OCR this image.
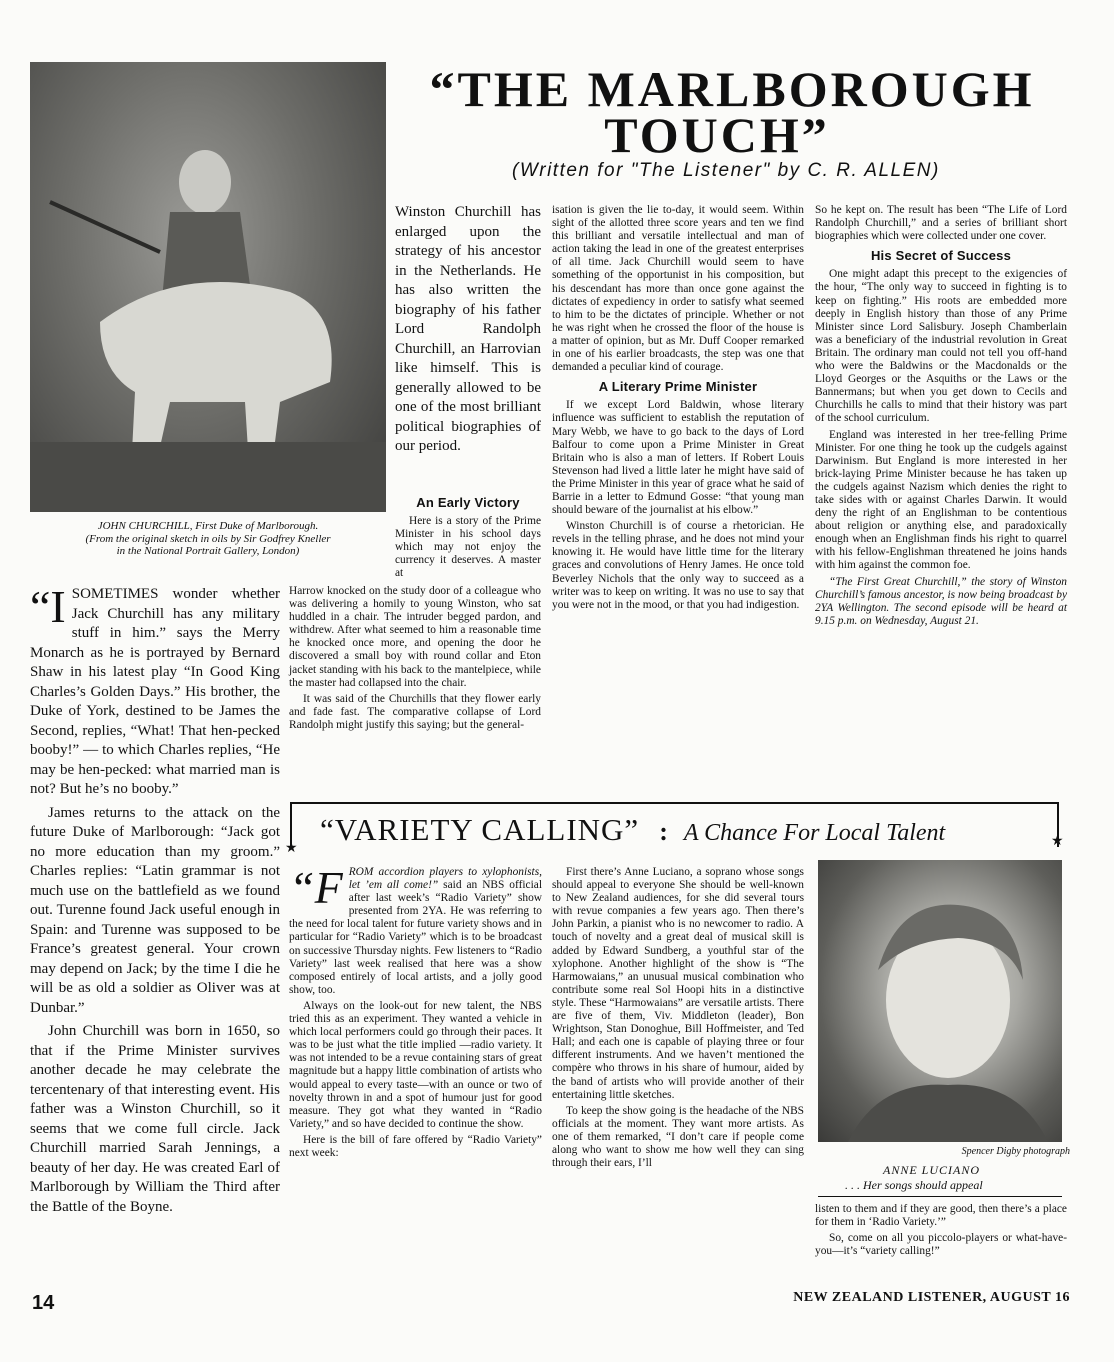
JOHN CHURCHILL, First Duke of Marlborough.
(From the original sketch in oils by Sir Godfrey Kneller
in the National Portrait Gallery, London)
“THE MARLBOROUGH
TOUCH”
(Written for "The Listener" by C. R. ALLEN)

Winston Churchill has enlarged upon the strategy of his ancestor in the Netherlands. He has also written the biography of his father Lord Randolph Churchill, an Harrovian like himself. This is generally allowed to be one of the most brilliant political biographies of our period.

An Early Victory

Here is a story of the Prime Minister in his school days which may not enjoy the currency it deserves. A master at

“I SOMETIMES wonder whether Jack Churchill has any military stuff in him.” says the Merry Monarch as he is portrayed by Bernard Shaw in his latest play “In Good King Charles’s Golden Days.” His brother, the Duke of York, destined to be James the Second, replies, “What! That hen-pecked booby!” — to which Charles replies, “He may be hen-pecked: what married man is not? But he’s no booby.”

James returns to the attack on the future Duke of Marlborough: “Jack got no more education than my groom.” Charles replies: “Latin grammar is not much use on the battlefield as we found out. Turenne found Jack useful enough in Spain: and Turenne was supposed to be France’s greatest general. Your crown may depend on Jack; by the time I die he will be as old a soldier as Oliver was at Dunbar.”

John Churchill was born in 1650, so that if the Prime Minister survives another decade he may celebrate the tercentenary of that interesting event. His father was a Winston Churchill, so it seems that we come full circle. Jack Churchill married Sarah Jennings, a beauty of her day. He was created Earl of Marlborough by William the Third after the Battle of the Boyne.

Harrow knocked on the study door of a colleague who was delivering a homily to young Winston, who sat huddled in a chair. The intruder begged pardon, and withdrew. After what seemed to him a reasonable time he knocked once more, and opening the door he discovered a small boy with round collar and Eton jacket standing with his back to the mantelpiece, while the master had collapsed into the chair.

It was said of the Churchills that they flower early and fade fast. The comparative collapse of Lord Randolph might justify this saying; but the general-

isation is given the lie to-day, it would seem. Within sight of the allotted three score years and ten we find this brilliant and versatile intellectual and man of action taking the lead in one of the greatest enterprises of all time. Jack Churchill would seem to have something of the opportunist in his composition, but his descendant has more than once gone against the dictates of expediency in order to satisfy what seemed to him to be the dictates of principle. Whether or not he was right when he crossed the floor of the house is a matter of opinion, but as Mr. Duff Cooper remarked in one of his earlier broadcasts, the step was one that demanded a peculiar kind of courage.

A Literary Prime Minister

If we except Lord Baldwin, whose literary influence was sufficient to establish the reputation of Mary Webb, we have to go back to the days of Lord Balfour to come upon a Prime Minister in Great Britain who is also a man of letters. If Robert Louis Stevenson had lived a little later he might have said of the Prime Minister in this year of grace what he said of Barrie in a letter to Edmund Gosse: “that young man should beware of the journalist at his elbow.”

Winston Churchill is of course a rhetorician. He revels in the telling phrase, and he does not mind your knowing it. He would have little time for the literary graces and convolutions of Henry James. He once told Beverley Nichols that the only way to succeed as a writer was to keep on writing. It was no use to say that you were not in the mood, or that you had indigestion.

So he kept on. The result has been “The Life of Lord Randolph Churchill,” and a series of brilliant short biographies which were collected under one cover.

His Secret of Success

One might adapt this precept to the exigencies of the hour, “The only way to succeed in fighting is to keep on fighting.” His roots are embedded more deeply in English history than those of any Prime Minister since Lord Salisbury. Joseph Chamberlain was a beneficiary of the industrial revolution in Great Britain. The ordinary man could not tell you off-hand who were the Baldwins or the Macdonalds or the Lloyd Georges or the Asquiths or the Laws or the Bannermans; but when you get down to Cecils and Churchills he calls to mind that their history was part of the school curriculum.

England was interested in her tree-felling Prime Minister. For one thing he took up the cudgels against Darwinism. But England is more interested in her brick-laying Prime Minister because he has taken up the cudgels against Nazism which denies the right to take sides with or against Charles Darwin. It would deny the right of an Englishman to be contentious about religion or anything else, and paradoxically enough when an Englishman finds his right to quarrel with his fellow-Englishman threatened he joins hands with him against the common foe.

“The First Great Churchill,” the story of Winston Churchill’s famous ancestor, is now being broadcast by 2YA Wellington. The second episode will be heard at 9.15 p.m. on Wednesday, August 21.

★	★
“VARIETY CALLING” : A Chance For Local Talent

“FROM accordion players to xylophonists, let ’em all come!” said an NBS official after last week’s “Radio Variety” show presented from 2YA. He was referring to the need for local talent for future variety shows and in particular for “Radio Variety” which is to be broadcast on successive Thursday nights. Few listeners to “Radio Variety” last week realised that here was a show composed entirely of local artists, and a jolly good show, too.

Always on the look-out for new talent, the NBS tried this as an experiment. They wanted a vehicle in which local performers could go through their paces. It was to be just what the title implied —radio variety. It was not intended to be a revue containing stars of great magnitude but a happy little combination of artists who would appeal to every taste—with an ounce or two of novelty thrown in and a spot of humour just for good measure. They got what they wanted in “Radio Variety,” and so have decided to continue the show.

Here is the bill of fare offered by “Radio Variety” next week:

First there’s Anne Luciano, a soprano whose songs should appeal to everyone She should be well-known to New Zealand audiences, for she did several tours with revue companies a few years ago. Then there’s John Parkin, a pianist who is no newcomer to radio. A touch of novelty and a great deal of musical skill is added by Edward Sundberg, a youthful star of the xylophone. Another highlight of the show is “The Harmowaians,” an unusual musical combination who contribute some real Sol Hoopi hits in a distinctive style. These “Harmowaians” are versatile artists. There are five of them, Viv. Middleton (leader), Bon Wrightson, Stan Donoghue, Bill Hoffmeister, and Ted Hall; and each one is capable of playing three or four different instruments. And we haven’t mentioned the compère who throws in his share of humour, aided by the band of artists who will provide another of their entertaining little sketches.

To keep the show going is the headache of the NBS officials at the moment. They want more artists. As one of them remarked, “I don’t care if people come along who want to show me how well they can sing through their ears, I’ll

Spencer Digby photograph
ANNE LUCIANO
. . . Her songs should appeal

listen to them and if they are good, then there’s a place for them in ‘Radio Variety.’”

So, come on all you piccolo-players or what-have-you—it’s “variety calling!”

14	NEW ZEALAND LISTENER, AUGUST 16
